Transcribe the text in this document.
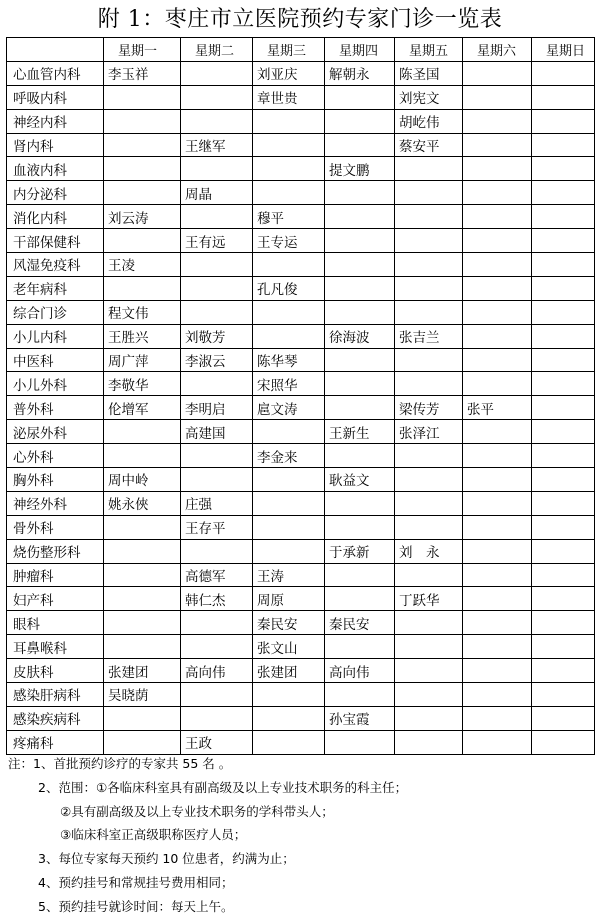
附 1：枣庄市立医院预约专家门诊一览表
	星期一	星期二	星期三	星期四	星期五	星期六	星期日
心血管内科	李玉祥		刘亚庆	解朝永	陈圣国		
呼吸内科			章世贵		刘宪文		
神经内科					胡屹伟		
肾内科		王继军			蔡安平		
血液内科				提文鹏			
内分泌科		周晶					
消化内科	刘云涛		穆平				
干部保健科		王有远	王专运				
风湿免疫科	王凌						
老年病科			孔凡俊				
综合门诊	程文伟						
小儿内科	王胜兴	刘敬芳		徐海波	张吉兰		
中医科	周广萍	李淑云	陈华琴				
小儿外科	李敬华		宋照华				
普外科	伦增军	李明启	扈文涛		梁传芳	张平	
泌尿外科		高建国		王新生	张泽江		
心外科			李金来				
胸外科	周中岭			耿益文			
神经外科	姚永俠	庄强					
骨外科		王存平					
烧伤整形科				于承新	刘　永		
肿瘤科		高德军	王涛				
妇产科		韩仁杰	周原		丁跃华		
眼科			秦民安	秦民安			
耳鼻喉科			张文山				
皮肤科	张建团	高向伟	张建团	高向伟			
感染肝病科	吴晓荫						
感染疾病科				孙宝霞			
疼痛科		王政					
注：1、首批预约诊疗的专家共 55 名 。
2、范围：①各临床科室具有副高级及以上专业技术职务的科主任；
②具有副高级及以上专业技术职务的学科带头人；
③临床科室正高级职称医疗人员；
3、每位专家每天预约 10 位患者，约满为止；
4、预约挂号和常规挂号费用相同；
5、预约挂号就诊时间：每天上午。
